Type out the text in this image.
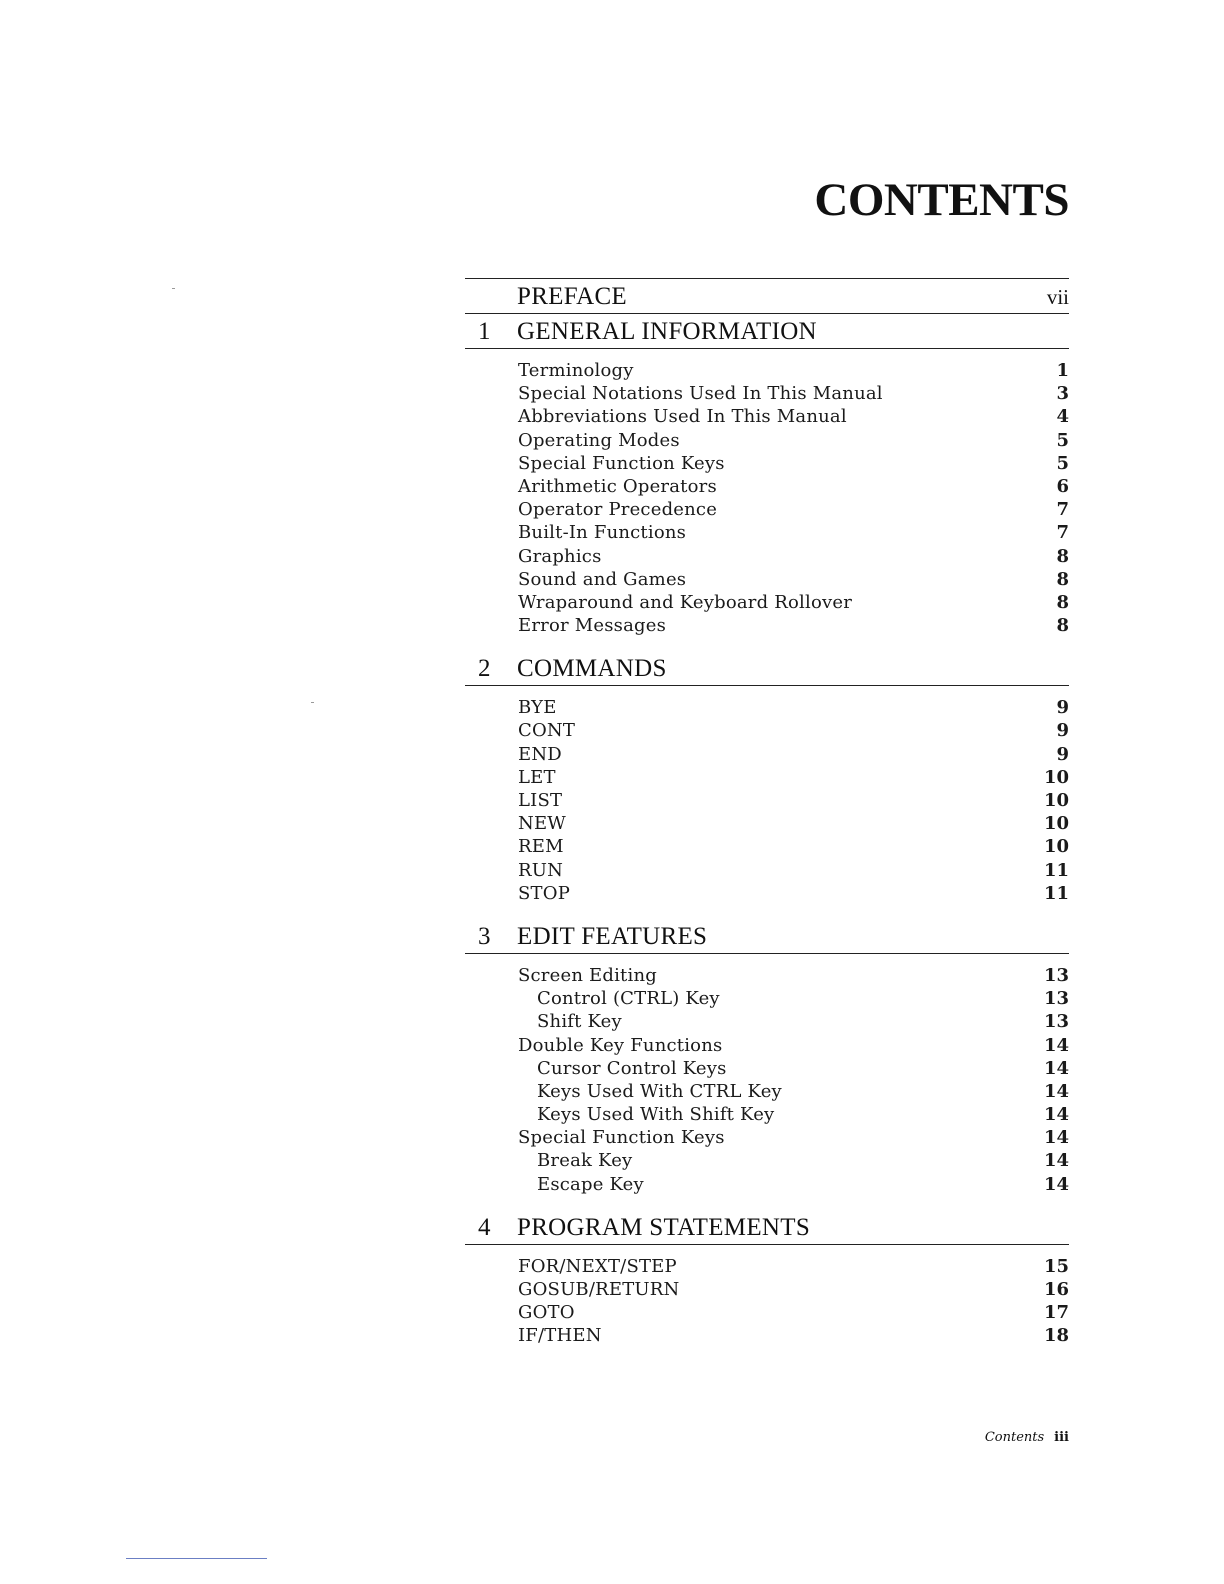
CONTENTS
PREFACE	vii
1 GENERAL INFORMATION
Terminology	1
Special Notations Used In This Manual	3
Abbreviations Used In This Manual	4
Operating Modes	5
Special Function Keys	5
Arithmetic Operators	6
Operator Precedence	7
Built-In Functions	7
Graphics	8
Sound and Games	8
Wraparound and Keyboard Rollover	8
Error Messages	8
2 COMMANDS
BYE	9
CONT	9
END	9
LET	10
LIST	10
NEW	10
REM	10
RUN	11
STOP	11
3 EDIT FEATURES
Screen Editing	13
Control (CTRL) Key	13
Shift Key	13
Double Key Functions	14
Cursor Control Keys	14
Keys Used With CTRL Key	14
Keys Used With Shift Key	14
Special Function Keys	14
Break Key	14
Escape Key	14
4 PROGRAM STATEMENTS
FOR/NEXT/STEP	15
GOSUB/RETURN	16
GOTO	17
IF/THEN	18
Contents iii
